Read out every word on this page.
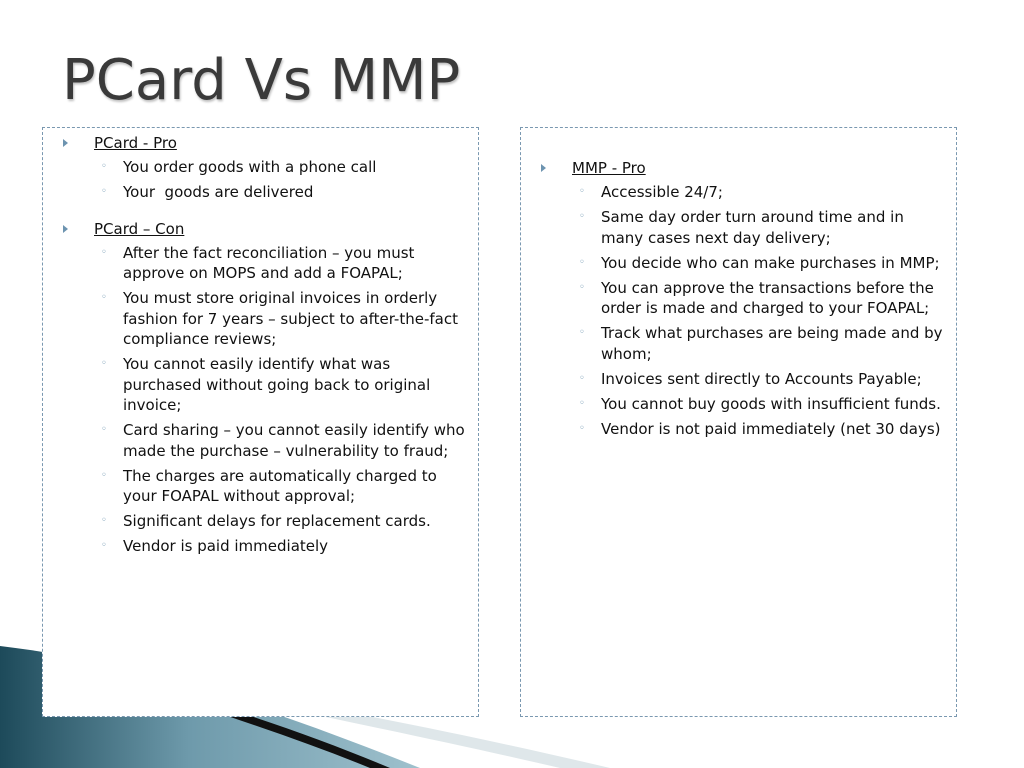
PCard Vs MMP
PCard - Pro
◦ You order goods with a phone call
◦ Your  goods are delivered
PCard – Con
◦ After the fact reconciliation – you must approve on MOPS and add a FOAPAL;
◦ You must store original invoices in orderly fashion for 7 years – subject to after-the-fact compliance reviews;
◦ You cannot easily identify what was purchased without going back to original invoice;
◦ Card sharing – you cannot easily identify who made the purchase – vulnerability to fraud;
◦ The charges are automatically charged to your FOAPAL without approval;
◦ Significant delays for replacement cards.
◦ Vendor is paid immediately
MMP - Pro
◦ Accessible 24/7;
◦ Same day order turn around time and in many cases next day delivery;
◦ You decide who can make purchases in MMP;
◦ You can approve the transactions before the order is made and charged to your FOAPAL;
◦ Track what purchases are being made and by whom;
◦ Invoices sent directly to Accounts Payable;
◦ You cannot buy goods with insufficient funds.
◦ Vendor is not paid immediately (net 30 days)
